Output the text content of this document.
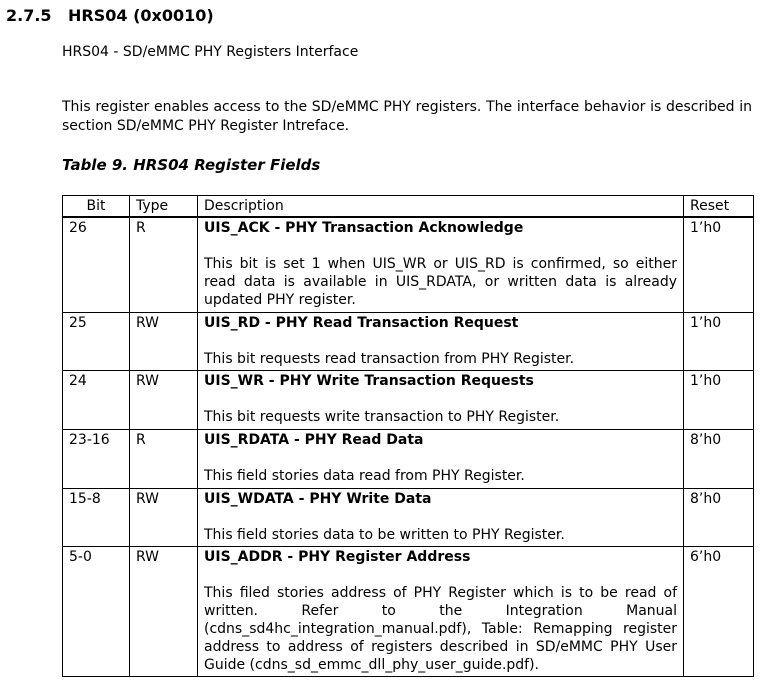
2.7.5 HRS04 (0x0010)
HRS04 - SD/eMMC PHY Registers Interface
This register enables access to the SD/eMMC PHY registers. The interface behavior is described in section SD/eMMC PHY Register Intreface.
Table 9. HRS04 Register Fields
Bit	Type	Description	Reset
26	R	UIS_ACK - PHY Transaction Acknowledge
This bit is set 1 when UIS_WR or UIS_RD is confirmed, so either read data is available in UIS_RDATA, or written data is already updated PHY register.	1’h0
25	RW	UIS_RD - PHY Read Transaction Request
This bit requests read transaction from PHY Register.	1’h0
24	RW	UIS_WR - PHY Write Transaction Requests
This bit requests write transaction to PHY Register.	1’h0
23-16	R	UIS_RDATA - PHY Read Data
This field stories data read from PHY Register.	8’h0
15-8	RW	UIS_WDATA - PHY Write Data
This field stories data to be written to PHY Register.	8’h0
5-0	RW	UIS_ADDR - PHY Register Address
This filed stories address of PHY Register which is to be read of written. Refer to the Integration Manual (cdns_sd4hc_integration_manual.pdf), Table: Remapping register address to address of registers described in SD/eMMC PHY User Guide (cdns_sd_emmc_dll_phy_user_guide.pdf).	6’h0
